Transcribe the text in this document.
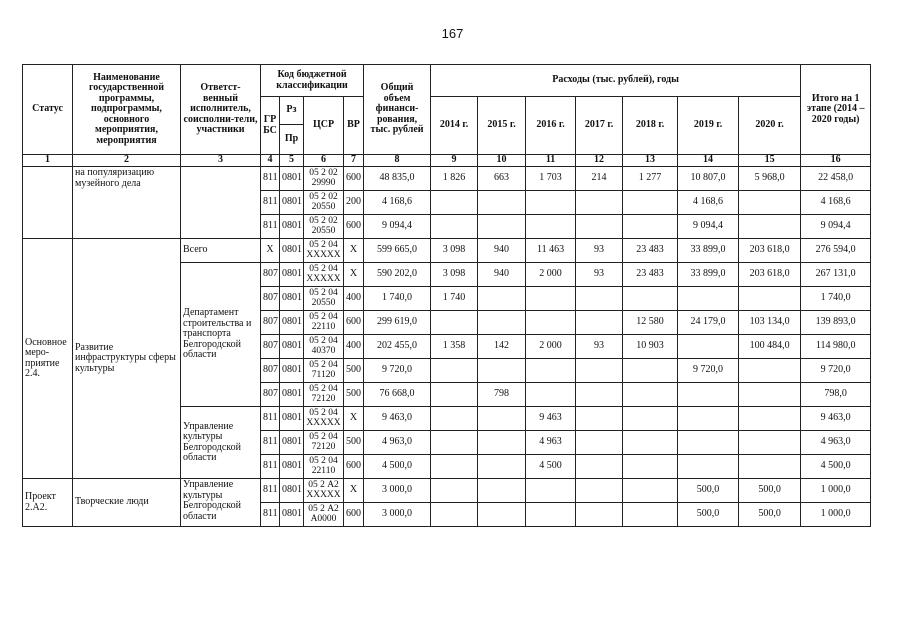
167
Статус	Наименование государственной программы, подпрограммы, основного мероприятия, мероприятия	Ответст-венный исполнитель, соисполни-тели, участники	Код бюджетной классификации				Общий объем финанси-рования, тыс. рублей	Расходы (тыс. рублей), годы							Итого на 1 этапе (2014 – 2020 годы)
			ГР БС	Рз	ЦСР	ВР		2014 г.	2015 г.	2016 г.	2017 г.	2018 г.	2019 г.	2020 г.	
				Пр											
1	2	3	4	5	6	7	8	9	10	11	12	13	14	15	16
	на популяризацию музейного дела		811	0801	05 2 02 29990	600	48 835,0	1 826	663	1 703	214	1 277	10 807,0	5 968,0	22 458,0
			811	0801	05 2 02 20550	200	4 168,6						4 168,6		4 168,6
			811	0801	05 2 02 20550	600	9 094,4						9 094,4		9 094,4
Основное меро-приятие 2.4.	Развитие инфраструктуры сферы культуры	Всего	Х	0801	05 2 04 ХХХХХ	Х	599 665,0	3 098	940	11 463	93	23 483	33 899,0	203 618,0	276 594,0
		Департамент строительства и транспорта Белгородской области	807	0801	05 2 04 ХХХХХ	Х	590 202,0	3 098	940	2 000	93	23 483	33 899,0	203 618,0	267 131,0
			807	0801	05 2 04 20550	400	1 740,0	1 740							1 740,0
			807	0801	05 2 04 22110	600	299 619,0					12 580	24 179,0	103 134,0	139 893,0
			807	0801	05 2 04 40370	400	202 455,0	1 358	142	2 000	93	10 903		100 484,0	114 980,0
			807	0801	05 2 04 71120	500	9 720,0						9 720,0		9 720,0
			807	0801	05 2 04 72120	500	76 668,0		798						798,0
		Управление культуры Белгородской области	811	0801	05 2 04 ХХХХХ	Х	9 463,0			9 463					9 463,0
			811	0801	05 2 04 72120	500	4 963,0			4 963					4 963,0
			811	0801	05 2 04 22110	600	4 500,0			4 500					4 500,0
Проект 2.А2.	Творческие люди	Управление культуры Белгородской области	811	0801	05 2 А2 ХХХХХ	Х	3 000,0						500,0	500,0	1 000,0
			811	0801	05 2 А2 А0000	600	3 000,0						500,0	500,0	1 000,0
